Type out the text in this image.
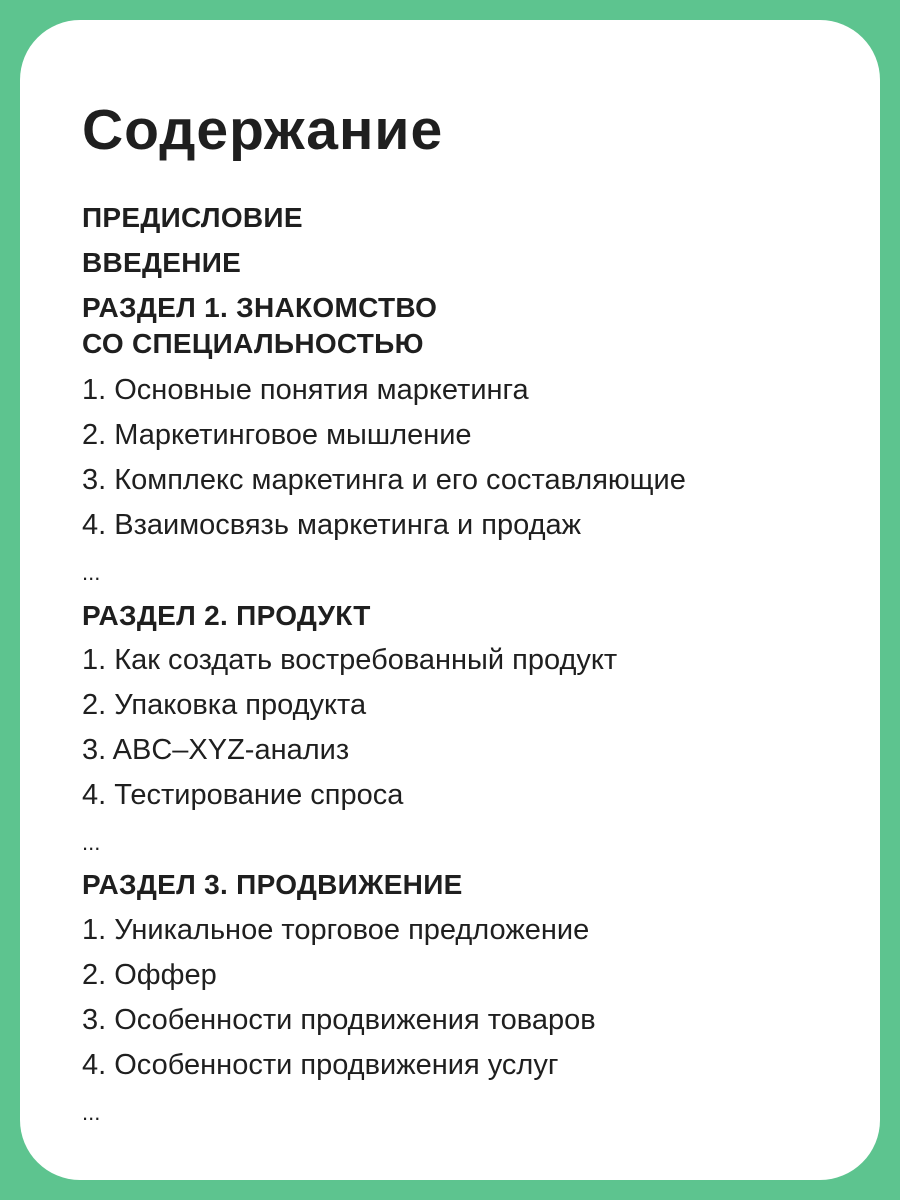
Содержание
ПРЕДИСЛОВИЕ
ВВЕДЕНИЕ
РАЗДЕЛ 1. ЗНАКОМСТВО
СО СПЕЦИАЛЬНОСТЬЮ
1. Основные понятия маркетинга
2. Маркетинговое мышление
3. Комплекс маркетинга и его составляющие
4. Взаимосвязь маркетинга и продаж
...
РАЗДЕЛ 2. ПРОДУКТ
1. Как создать востребованный продукт
2. Упаковка продукта
3. ABC–XYZ-анализ
4. Тестирование спроса
...
РАЗДЕЛ 3. ПРОДВИЖЕНИЕ
1. Уникальное торговое предложение
2. Оффер
3. Особенности продвижения товаров
4. Особенности продвижения услуг
...
